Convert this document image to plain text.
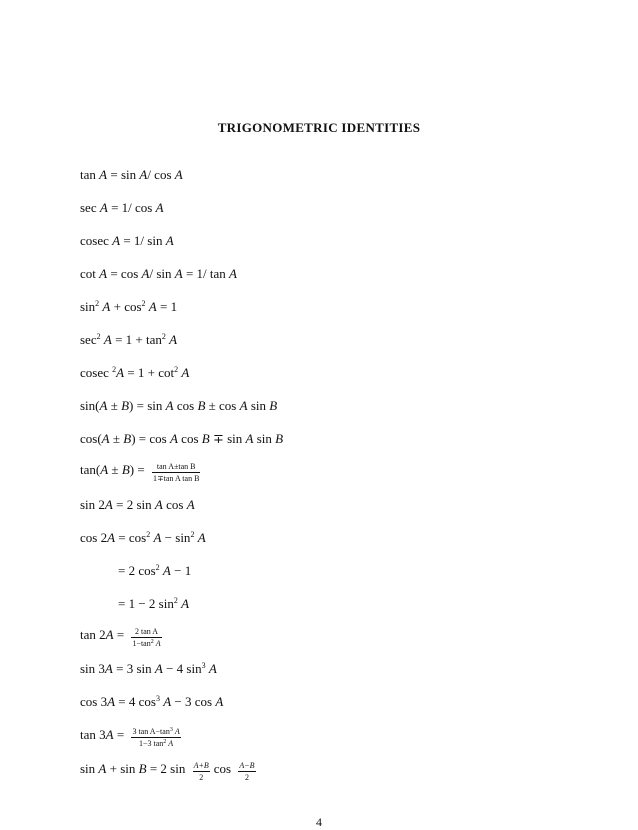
TRIGONOMETRIC IDENTITIES
tan A = sin A/ cos A
sec A = 1/ cos A
cosec A = 1/ sin A
cot A = cos A/ sin A = 1/ tan A
$\sin^2 A + \cos^2 A = 1$
$\sec^2 A = 1 + \tan^2 A$
cosec $^2A = 1 + \cot^2 A$
sin(A ± B) = sin A cos B ± cos A sin B
cos(A ± B) = cos A cos B ∓ sin A sin B
$\tan(A \pm B) = \frac{\text{tan A±tan B}}{\text{1∓tan A tan B}}$
sin 2A = 2 sin A cos A
$\cos 2A = \cos^2 A - \sin^2 A$
= 2 $\cos^2 A - 1$
= 1 − 2 $\sin^2 A$
$\tan 2A = \frac{\text{2 tan A}}{1-\tan^2 A}$
sin 3A = 3 sin A − 4 $\sin^3 A$
cos 3A = 4 $\cos^3 A - 3$ cos A
$\tan 3A = \frac{3 \tan A-\tan^3 A}{1-3 \tan^2 A}$
sin A + sin B = 2 $\sin \frac{A+B}{2}$ $\cos \frac{A-B}{2}$
4
